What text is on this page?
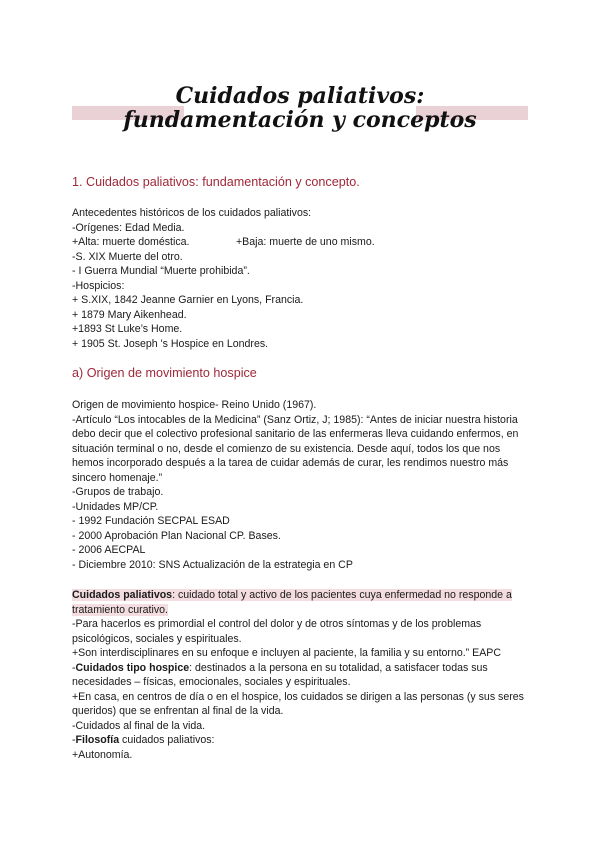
Cuidados paliativos:
fundamentación y conceptos
1. Cuidados paliativos: fundamentación y concepto.
Antecedentes históricos de los cuidados paliativos:
-Orígenes: Edad Media.
+Alta: muerte doméstica.	+Baja: muerte de uno mismo.
-S. XIX Muerte del otro.
- I Guerra Mundial “Muerte prohibida”.
-Hospicios:
+ S.XIX, 1842 Jeanne Garnier en Lyons, Francia.
+ 1879 Mary Aikenhead.
+1893 St Luke’s Home.
+ 1905 St. Joseph 's Hospice en Londres.
a) Origen de movimiento hospice
Origen de movimiento hospice- Reino Unido (1967).
-Artículo “Los intocables de la Medicina” (Sanz Ortiz, J; 1985): “Antes de iniciar nuestra historia debo decir que el colectivo profesional sanitario de las enfermeras lleva cuidando enfermos, en situación terminal o no, desde el comienzo de su existencia. Desde aquí, todos los que nos hemos incorporado después a la tarea de cuidar además de curar, les rendimos nuestro más sincero homenaje.”
-Grupos de trabajo.
-Unidades MP/CP.
- 1992 Fundación SECPAL ESAD
- 2000 Aprobación Plan Nacional CP. Bases.
- 2006 AECPAL
- Diciembre 2010: SNS Actualización de la estrategia en CP
Cuidados paliativos: cuidado total y activo de los pacientes cuya enfermedad no responde a tratamiento curativo.
-Para hacerlos es primordial el control del dolor y de otros síntomas y de los problemas psicológicos, sociales y espirituales.
+Son interdisciplinares en su enfoque e incluyen al paciente, la familia y su entorno.” EAPC
-Cuidados tipo hospice: destinados a la persona en su totalidad, a satisfacer todas sus necesidades – físicas, emocionales, sociales y espirituales.
+En casa, en centros de día o en el hospice, los cuidados se dirigen a las personas (y sus seres queridos) que se enfrentan al final de la vida.
-Cuidados al final de la vida.
-Filosofía cuidados paliativos:
+Autonomía.
